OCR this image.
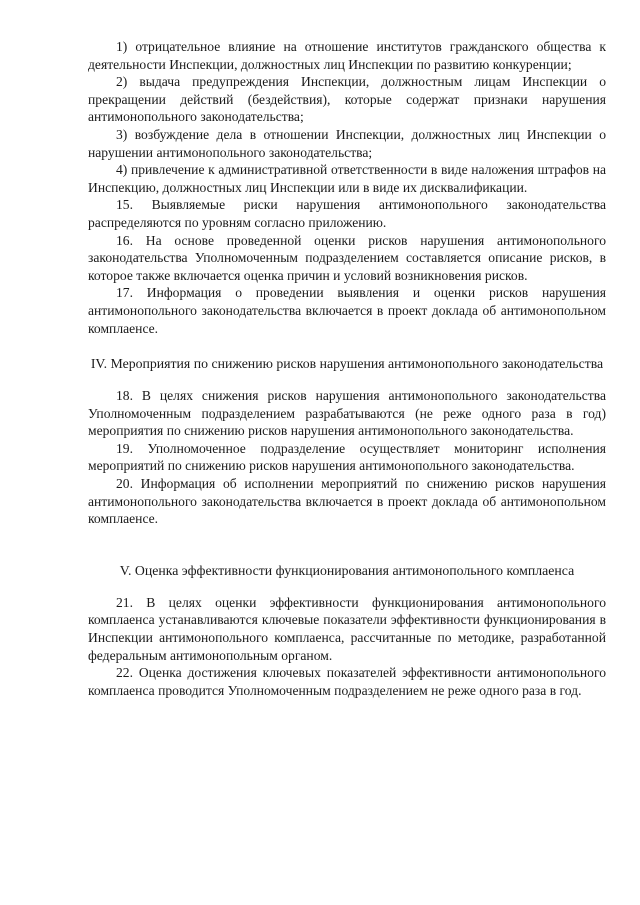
1) отрицательное влияние на отношение институтов гражданского общества к деятельности Инспекции, должностных лиц Инспекции по развитию конкуренции;

2) выдача предупреждения Инспекции, должностным лицам Инспекции о прекращении действий (бездействия), которые содержат признаки нарушения антимонопольного законодательства;

3) возбуждение дела в отношении Инспекции, должностных лиц Инспекции о нарушении антимонопольного законодательства;

4) привлечение к административной ответственности в виде наложения штрафов на Инспекцию, должностных лиц Инспекции или в виде их дисквалификации.

15. Выявляемые риски нарушения антимонопольного законодательства распределяются по уровням согласно приложению.

16. На основе проведенной оценки рисков нарушения антимонопольного законодательства Уполномоченным подразделением составляется описание рисков, в которое также включается оценка причин и условий возникновения рисков.

17. Информация о проведении выявления и оценки рисков нарушения антимонопольного законодательства включается в проект доклада об антимонопольном комплаенсе.

IV. Мероприятия по снижению рисков нарушения антимонопольного законодательства

18. В целях снижения рисков нарушения антимонопольного законодательства Уполномоченным подразделением разрабатываются (не реже одного раза в год) мероприятия по снижению рисков нарушения антимонопольного законодательства.

19. Уполномоченное подразделение осуществляет мониторинг исполнения мероприятий по снижению рисков нарушения антимонопольного законодательства.

20. Информация об исполнении мероприятий по снижению рисков нарушения антимонопольного законодательства включается в проект доклада об антимонопольном комплаенсе.

V. Оценка эффективности функционирования антимонопольного комплаенса

21. В целях оценки эффективности функционирования антимонопольного комплаенса устанавливаются ключевые показатели эффективности функционирования в Инспекции антимонопольного комплаенса, рассчитанные по методике, разработанной федеральным антимонопольным органом.

22. Оценка достижения ключевых показателей эффективности антимонопольного комплаенса проводится Уполномоченным подразделением не реже одного раза в год.
